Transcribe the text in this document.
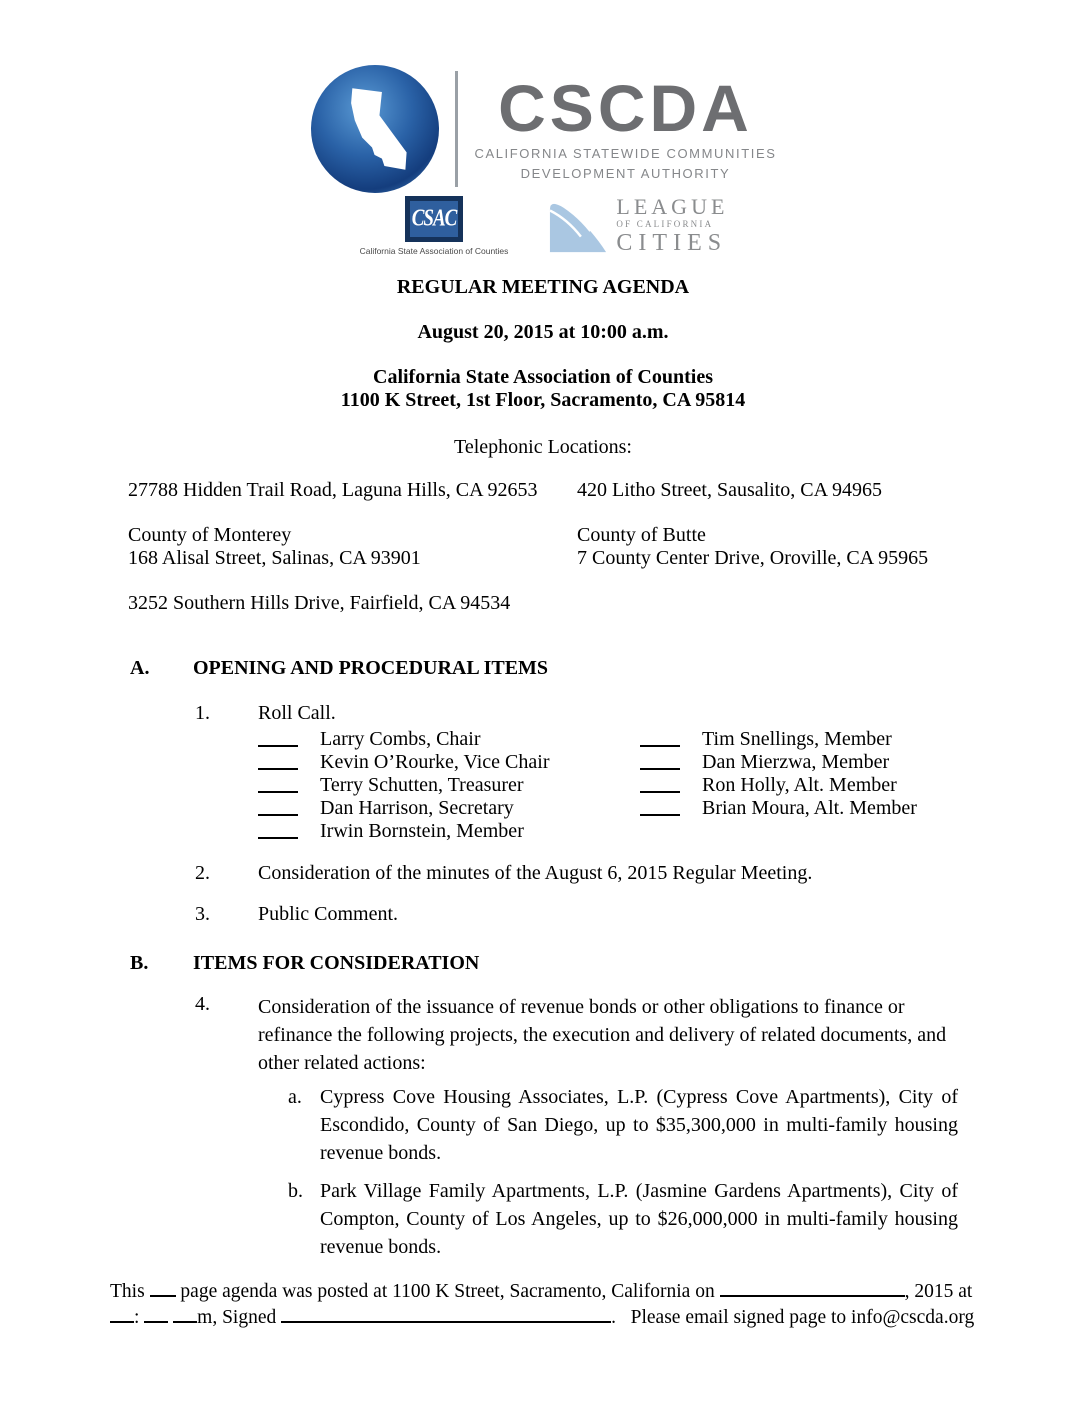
CSCDA
CALIFORNIA STATEWIDE COMMUNITIES
DEVELOPMENT AUTHORITY
CSAC
California State Association of Counties
LEAGUE
OF CALIFORNIA
CITIES
REGULAR MEETING AGENDA
August 20, 2015 at 10:00 a.m.
California State Association of Counties
1100 K Street, 1st Floor, Sacramento, CA 95814
Telephonic Locations:
27788 Hidden Trail Road, Laguna Hills, CA 92653	420 Litho Street, Sausalito, CA 94965
County of Monterey
168 Alisal Street, Salinas, CA 93901
County of Butte
7 County Center Drive, Oroville, CA 95965
3252 Southern Hills Drive, Fairfield, CA 94534
A.	OPENING AND PROCEDURAL ITEMS
1.	Roll Call.
Larry Combs, Chair
Kevin O’Rourke, Vice Chair
Terry Schutten, Treasurer
Dan Harrison, Secretary
Irwin Bornstein, Member
Tim Snellings, Member
Dan Mierzwa, Member
Ron Holly, Alt. Member
Brian Moura, Alt. Member
2.	Consideration of the minutes of the August 6, 2015 Regular Meeting.
3.	Public Comment.
B.	ITEMS FOR CONSIDERATION
4.	Consideration of the issuance of revenue bonds or other obligations to finance or refinance the following projects, the execution and delivery of related documents, and other related actions:
a. Cypress Cove Housing Associates, L.P. (Cypress Cove Apartments), City of Escondido, County of San Diego, up to $35,300,000 in multi-family housing revenue bonds.
b. Park Village Family Apartments, L.P. (Jasmine Gardens Apartments), City of Compton, County of Los Angeles, up to $26,000,000 in multi-family housing revenue bonds.
This page agenda was posted at 1100 K Street, Sacramento, California on	, 2015 at
:	m, Signed	. Please email signed page to info@cscda.org
